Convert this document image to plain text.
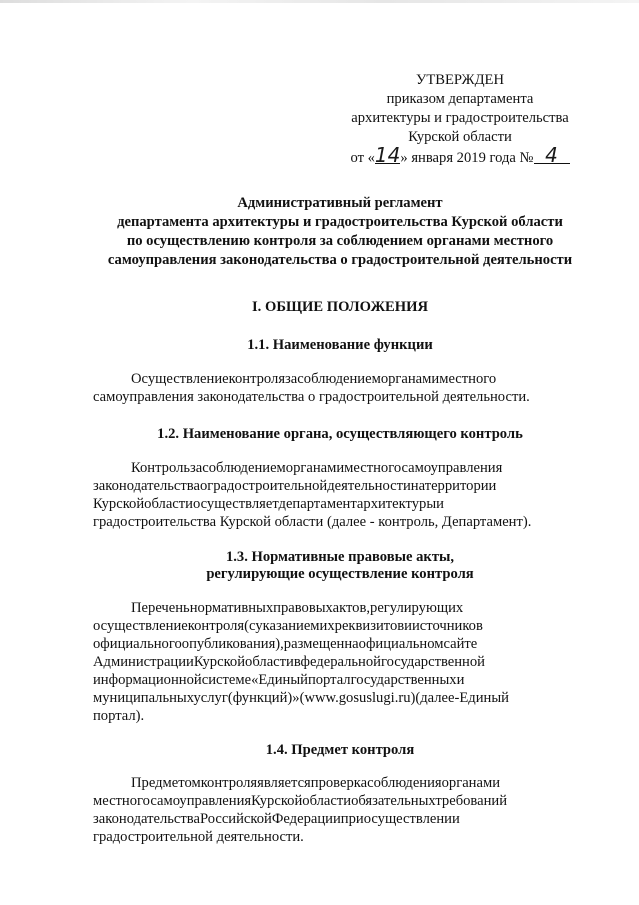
УТВЕРЖДЕН
приказом департамента
архитектуры и градостроительства
Курской области
от «14» января 2019 года № 4
Административный регламент
департамента архитектуры и градостроительства Курской области
по осуществлению контроля за соблюдением органами местного
самоуправления законодательства о градостроительной деятельности
I. ОБЩИЕ ПОЛОЖЕНИЯ
1.1. Наименование функции
Осуществлениеконтролязасоблюдениеморганамиместного
самоуправления законодательства о градостроительной деятельности.
1.2. Наименование органа, осуществляющего контроль
Контрользасоблюдениеморганамиместногосамоуправления
законодательстваоградостроительнойдеятельностинатерритории
Курскойобластиосуществляетдепартаментархитектурыи
градостроительства Курской области (далее - контроль, Департамент).
1.3. Нормативные правовые акты,
регулирующие осуществление контроля
Переченьнормативныхправовыхактов,регулирующих
осуществлениеконтроля(суказаниемихреквизитовиисточников
официальногоопубликования),размещеннаофициальномсайте
АдминистрацииКурскойобластивфедеральнойгосударственной
информационнойсистеме«Единыйпорталгосударственныхи
муниципальныхуслуг(функций)»(www.gosuslugi.ru)(далее-Единый
портал).
1.4. Предмет контроля
Предметомконтроляявляетсяпроверкасоблюденияорганами
местногосамоуправленияКурскойобластиобязательныхтребований
законодательстваРоссийскойФедерацииприосуществлении
градостроительной деятельности.
